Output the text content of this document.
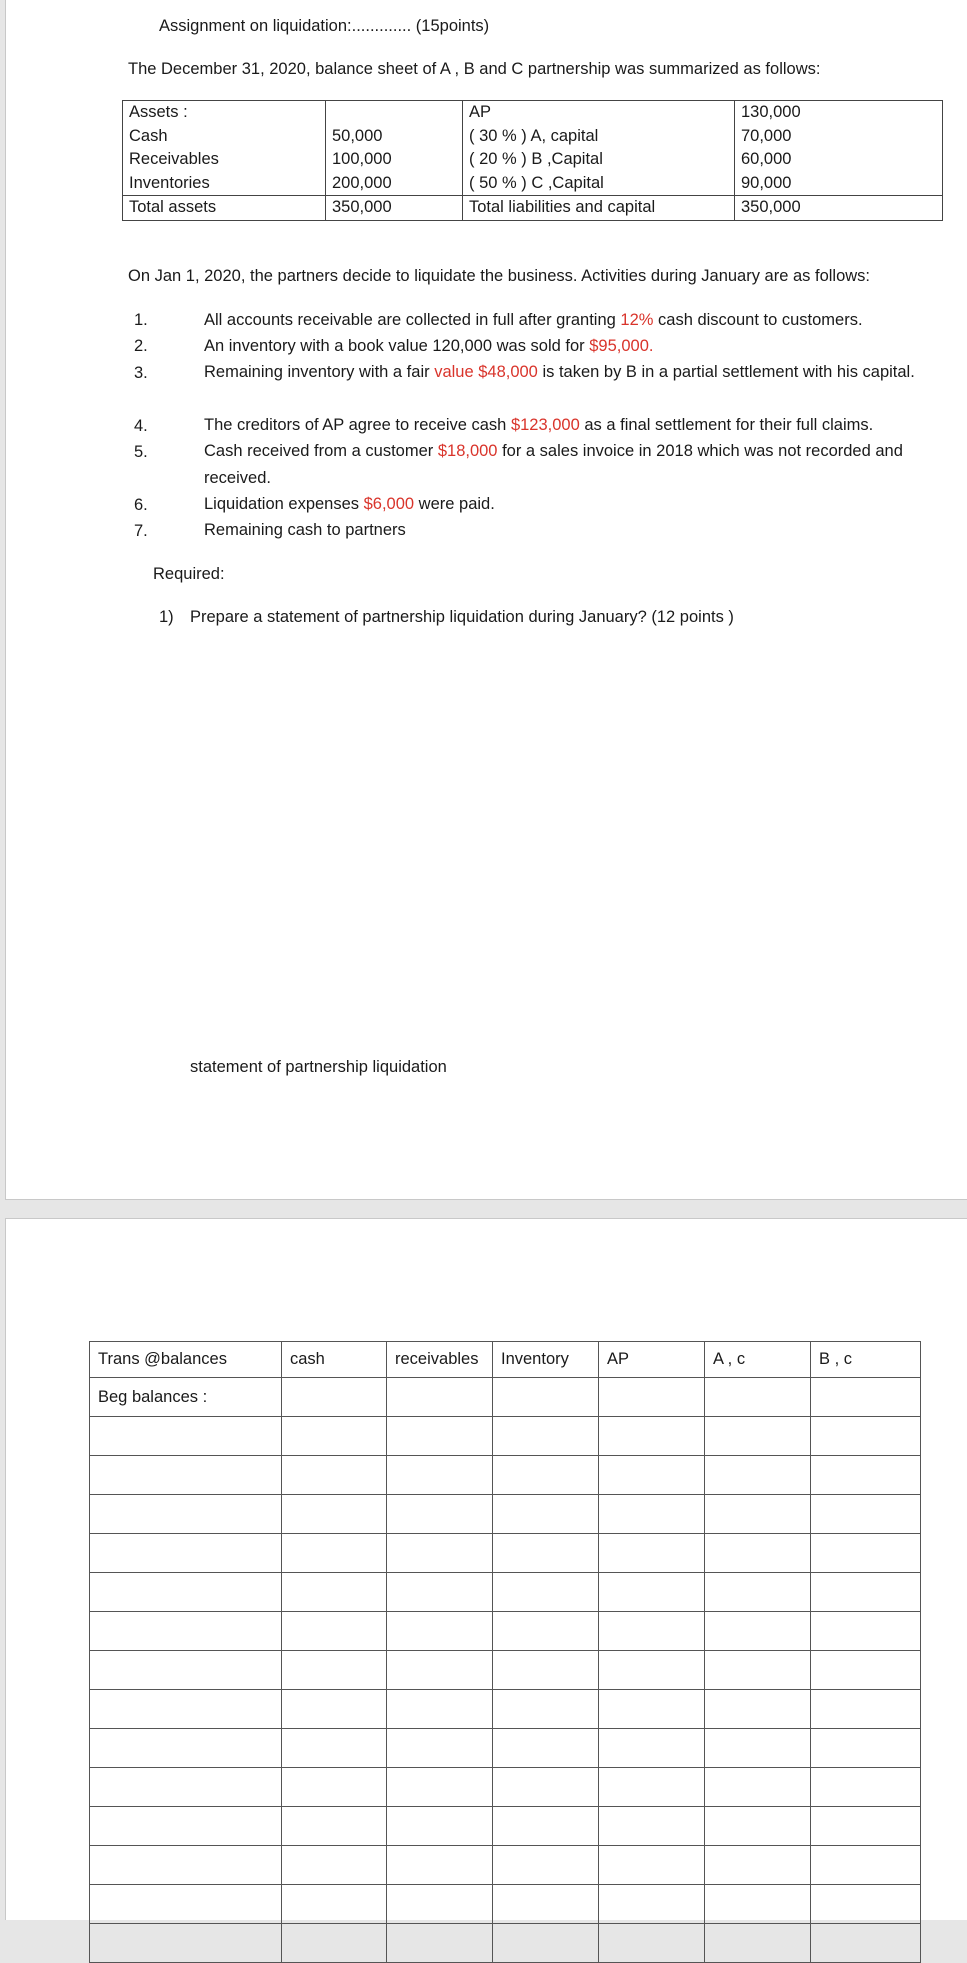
Assignment on liquidation:............. (15points)
The December 31, 2020, balance sheet of A , B and C partnership was summarized as follows:
Assets :		AP	130,000
Cash	50,000	( 30 % ) A, capital	70,000
Receivables	100,000	( 20 % ) B ,Capital	60,000
Inventories	200,000	( 50 % ) C ,Capital	90,000
Total assets	350,000	Total liabilities and capital	350,000
On Jan 1, 2020, the partners decide to liquidate the business. Activities during January are as follows:
1.	All accounts receivable are collected in full after granting 12% cash discount to customers.
2.	An inventory with a book value 120,000 was sold for $95,000.
3.	Remaining inventory with a fair value $48,000 is taken by B in a partial settlement with his capital.
4.	The creditors of AP agree to receive cash $123,000 as a final settlement for their full claims.
5.	Cash received from a customer $18,000 for a sales invoice in 2018 which was not recorded and received.
6.	Liquidation expenses $6,000 were paid.
7.	Remaining cash to partners
Required:
1) Prepare a statement of partnership liquidation during January? (12 points )
statement of partnership liquidation
Trans @balances	cash	receivables	Inventory	AP	A , c	B , c
Beg balances :						
